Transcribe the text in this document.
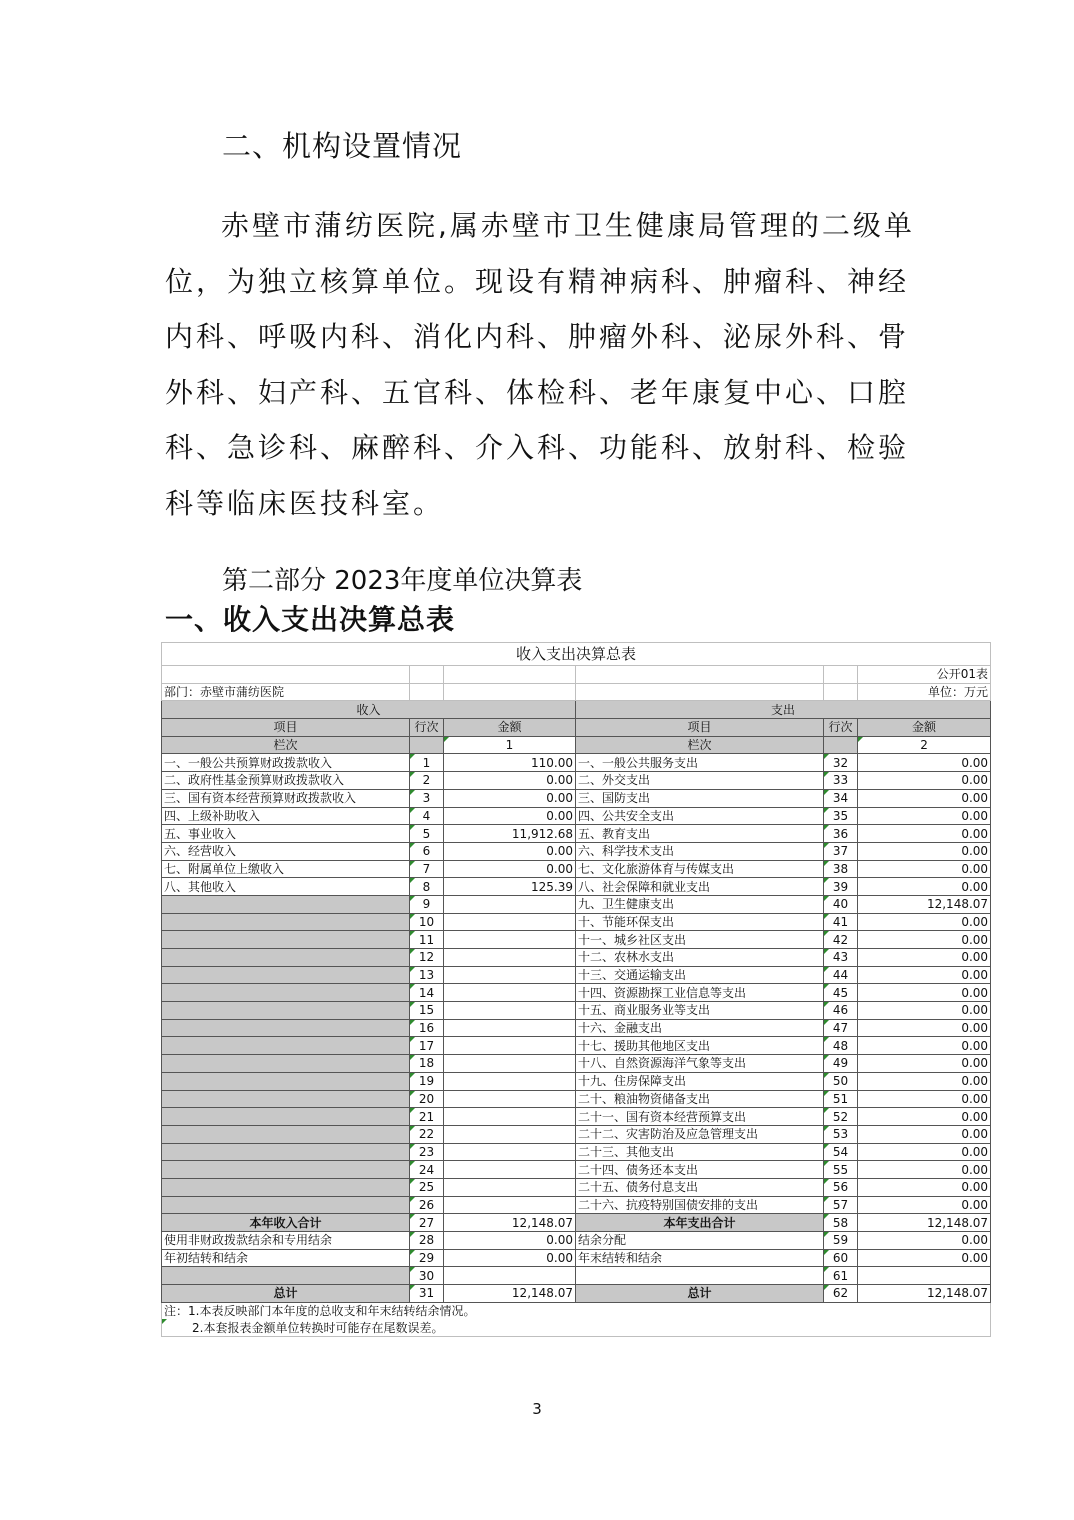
二、机构设置情况
赤壁市蒲纺医院,属赤壁市卫生健康局管理的二级单位，为独立核算单位。现设有精神病科、肿瘤科、神经内科、呼吸内科、消化内科、肿瘤外科、泌尿外科、骨外科、妇产科、五官科、体检科、老年康复中心、口腔科、急诊科、麻醉科、介入科、功能科、放射科、检验科等临床医技科室。
第二部分 2023年度单位决算表
一、收入支出决算总表
收入支出决算总表					
					公开01表
部门：赤壁市蒲纺医院					单位：万元
收入			支出		
项目	行次	金额	项目	行次	金额
栏次		1	栏次		2
一、一般公共预算财政拨款收入	1	110.00	一、一般公共服务支出	32	0.00
二、政府性基金预算财政拨款收入	2	0.00	二、外交支出	33	0.00
三、国有资本经营预算财政拨款收入	3	0.00	三、国防支出	34	0.00
四、上级补助收入	4	0.00	四、公共安全支出	35	0.00
五、事业收入	5	11,912.68	五、教育支出	36	0.00
六、经营收入	6	0.00	六、科学技术支出	37	0.00
七、附属单位上缴收入	7	0.00	七、文化旅游体育与传媒支出	38	0.00
八、其他收入	8	125.39	八、社会保障和就业支出	39	0.00
	9		九、卫生健康支出	40	12,148.07
	10		十、节能环保支出	41	0.00
	11		十一、城乡社区支出	42	0.00
	12		十二、农林水支出	43	0.00
	13		十三、交通运输支出	44	0.00
	14		十四、资源勘探工业信息等支出	45	0.00
	15		十五、商业服务业等支出	46	0.00
	16		十六、金融支出	47	0.00
	17		十七、援助其他地区支出	48	0.00
	18		十八、自然资源海洋气象等支出	49	0.00
	19		十九、住房保障支出	50	0.00
	20		二十、粮油物资储备支出	51	0.00
	21		二十一、国有资本经营预算支出	52	0.00
	22		二十二、灾害防治及应急管理支出	53	0.00
	23		二十三、其他支出	54	0.00
	24		二十四、债务还本支出	55	0.00
	25		二十五、债务付息支出	56	0.00
	26		二十六、抗疫特别国债安排的支出	57	0.00
本年收入合计	27	12,148.07	本年支出合计	58	12,148.07
使用非财政拨款结余和专用结余	28	0.00	结余分配	59	0.00
年初结转和结余	29	0.00	年末结转和结余	60	0.00
	30			61	
总计	31	12,148.07	总计	62	12,148.07
注：1.本表反映部门本年度的总收支和年末结转结余情况。					
2.本套报表金额单位转换时可能存在尾数误差。					
3
